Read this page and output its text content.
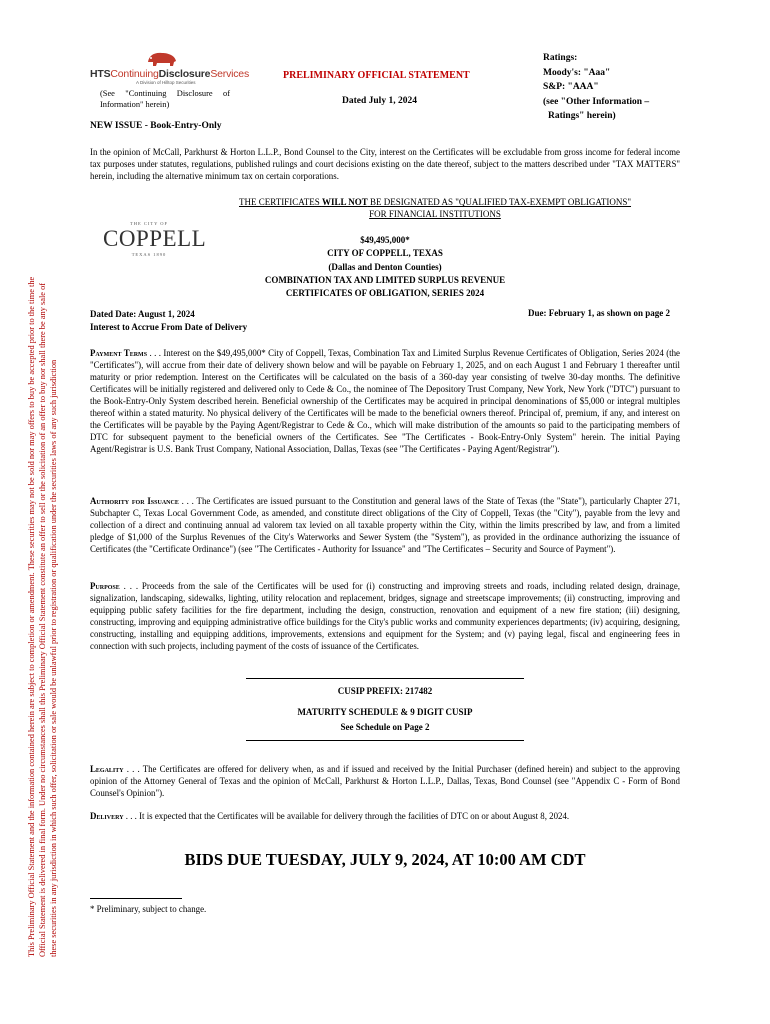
This Preliminary Official Statement and the information contained herein are subject to completion or amendment. These securities may not be sold nor may offers to buy be accepted prior to the time the Official Statement is delivered in final form. Under no circumstances shall this Preliminary Official Statement constitute an offer to sell or the solicitation of an offer to buy nor shall there be any sale of these securities in any jurisdiction in which such offer, solicitation or sale would be unlawful prior to registration or qualification under the securities laws of any such jurisdiction
HTSContinuingDisclosureServices
A Division of Hilltop Securities
(See "Continuing Disclosure of Information" herein)
PRELIMINARY OFFICIAL STATEMENT
Dated July 1, 2024
Ratings:
Moody's: "Aaa"
S&P: "AAA"
(see "Other Information –
Ratings" herein)
NEW ISSUE - Book-Entry-Only
In the opinion of McCall, Parkhurst & Horton L.L.P., Bond Counsel to the City, interest on the Certificates will be excludable from gross income for federal income tax purposes under statutes, regulations, published rulings and court decisions existing on the date thereof, subject to the matters described under "TAX MATTERS" herein, including the alternative minimum tax on certain corporations.
THE CERTIFICATES WILL NOT BE DESIGNATED AS "QUALIFIED TAX-EXEMPT OBLIGATIONS"
FOR FINANCIAL INSTITUTIONS
THE CITY OF
COPPELL
TEXAS 1890
$49,495,000*
CITY OF COPPELL, TEXAS
(Dallas and Denton Counties)
COMBINATION TAX AND LIMITED SURPLUS REVENUE
CERTIFICATES OF OBLIGATION, SERIES 2024
Dated Date: August 1, 2024
Interest to Accrue From Date of Delivery
Due: February 1, as shown on page 2
Payment Terms . . . Interest on the $49,495,000* City of Coppell, Texas, Combination Tax and Limited Surplus Revenue Certificates of Obligation, Series 2024 (the "Certificates"), will accrue from their date of delivery shown below and will be payable on February 1, 2025, and on each August 1 and February 1 thereafter until maturity or prior redemption. Interest on the Certificates will be calculated on the basis of a 360-day year consisting of twelve 30-day months. The definitive Certificates will be initially registered and delivered only to Cede & Co., the nominee of The Depository Trust Company, New York, New York ("DTC") pursuant to the Book-Entry-Only System described herein. Beneficial ownership of the Certificates may be acquired in principal denominations of $5,000 or integral multiples thereof within a stated maturity. No physical delivery of the Certificates will be made to the beneficial owners thereof. Principal of, premium, if any, and interest on the Certificates will be payable by the Paying Agent/Registrar to Cede & Co., which will make distribution of the amounts so paid to the participating members of DTC for subsequent payment to the beneficial owners of the Certificates. See "The Certificates - Book-Entry-Only System" herein. The initial Paying Agent/Registrar is U.S. Bank Trust Company, National Association, Dallas, Texas (see "The Certificates - Paying Agent/Registrar").
Authority for Issuance . . . The Certificates are issued pursuant to the Constitution and general laws of the State of Texas (the "State"), particularly Chapter 271, Subchapter C, Texas Local Government Code, as amended, and constitute direct obligations of the City of Coppell, Texas (the "City"), payable from the levy and collection of a direct and continuing annual ad valorem tax levied on all taxable property within the City, within the limits prescribed by law, and from a limited pledge of $1,000 of the Surplus Revenues of the City's Waterworks and Sewer System (the "System"), as provided in the ordinance authorizing the issuance of Certificates (the "Certificate Ordinance") (see "The Certificates - Authority for Issuance" and "The Certificates – Security and Source of Payment").
Purpose . . . Proceeds from the sale of the Certificates will be used for (i) constructing and improving streets and roads, including related design, drainage, signalization, landscaping, sidewalks, lighting, utility relocation and replacement, bridges, signage and streetscape improvements; (ii) constructing, improving and equipping public safety facilities for the fire department, including the design, construction, renovation and equipment of a new fire station; (iii) designing, constructing, improving and equipping administrative office buildings for the City's public works and community experiences departments; (iv) acquiring, designing, constructing, installing and equipping additions, improvements, extensions and equipment for the System; and (v) paying legal, fiscal and engineering fees in connection with such projects, including payment of the costs of issuance of the Certificates.
CUSIP PREFIX: 217482
MATURITY SCHEDULE & 9 DIGIT CUSIP
See Schedule on Page 2
Legality . . . The Certificates are offered for delivery when, as and if issued and received by the Initial Purchaser (defined herein) and subject to the approving opinion of the Attorney General of Texas and the opinion of McCall, Parkhurst & Horton L.L.P., Dallas, Texas, Bond Counsel (see "Appendix C - Form of Bond Counsel's Opinion").
Delivery . . . It is expected that the Certificates will be available for delivery through the facilities of DTC on or about August 8, 2024.
BIDS DUE TUESDAY, JULY 9, 2024, AT 10:00 AM CDT
* Preliminary, subject to change.
